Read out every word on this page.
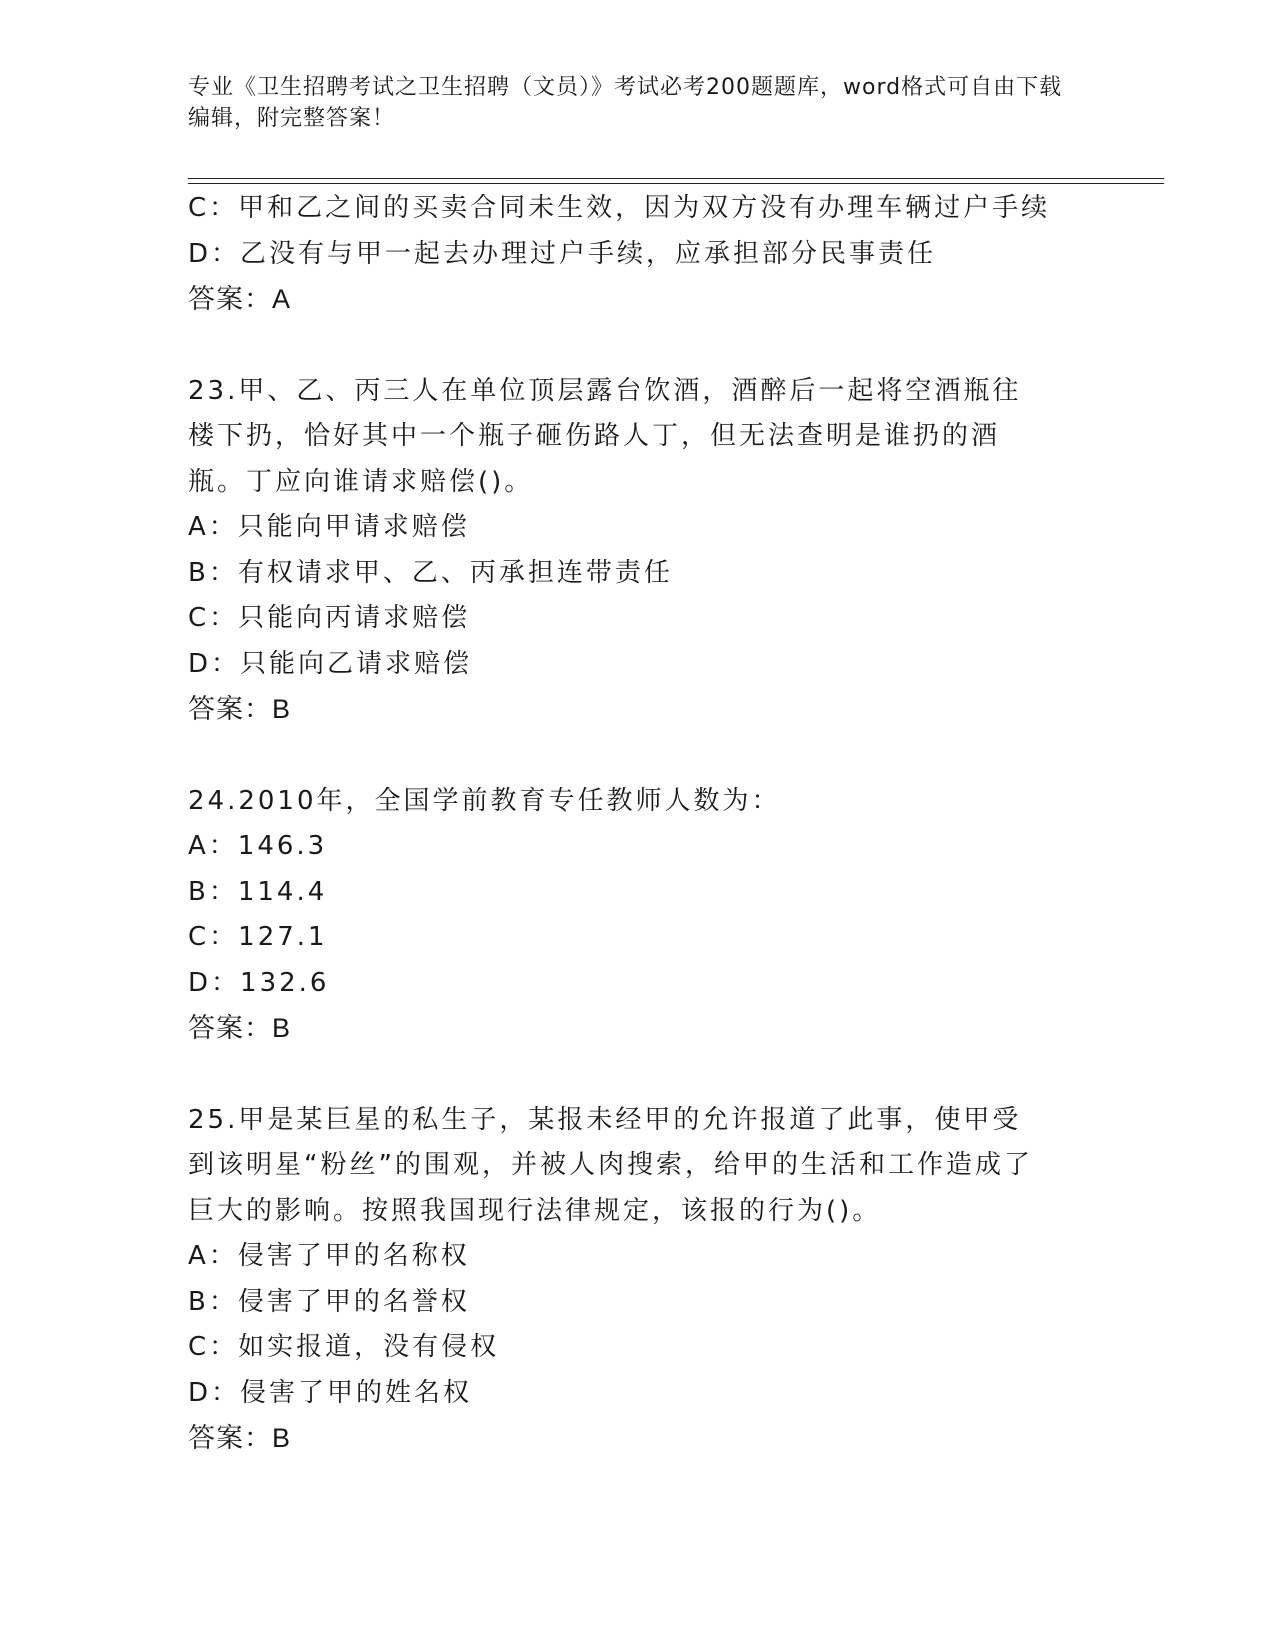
专业《卫生招聘考试之卫生招聘（文员）》考试必考200题题库，word格式可自由下载编辑，附完整答案！
C：甲和乙之间的买卖合同未生效，因为双方没有办理车辆过户手续
D：乙没有与甲一起去办理过户手续，应承担部分民事责任
答案：A
23.甲、乙、丙三人在单位顶层露台饮酒，酒醉后一起将空酒瓶往楼下扔，恰好其中一个瓶子砸伤路人丁，但无法查明是谁扔的酒瓶。丁应向谁请求赔偿()。
A：只能向甲请求赔偿
B：有权请求甲、乙、丙承担连带责任
C：只能向丙请求赔偿
D：只能向乙请求赔偿
答案：B
24.2010年，全国学前教育专任教师人数为：
A：146.3
B：114.4
C：127.1
D：132.6
答案：B
25.甲是某巨星的私生子，某报未经甲的允许报道了此事，使甲受到该明星“粉丝”的围观，并被人肉搜索，给甲的生活和工作造成了巨大的影响。按照我国现行法律规定，该报的行为()。
A：侵害了甲的名称权
B：侵害了甲的名誉权
C：如实报道，没有侵权
D：侵害了甲的姓名权
答案：B
